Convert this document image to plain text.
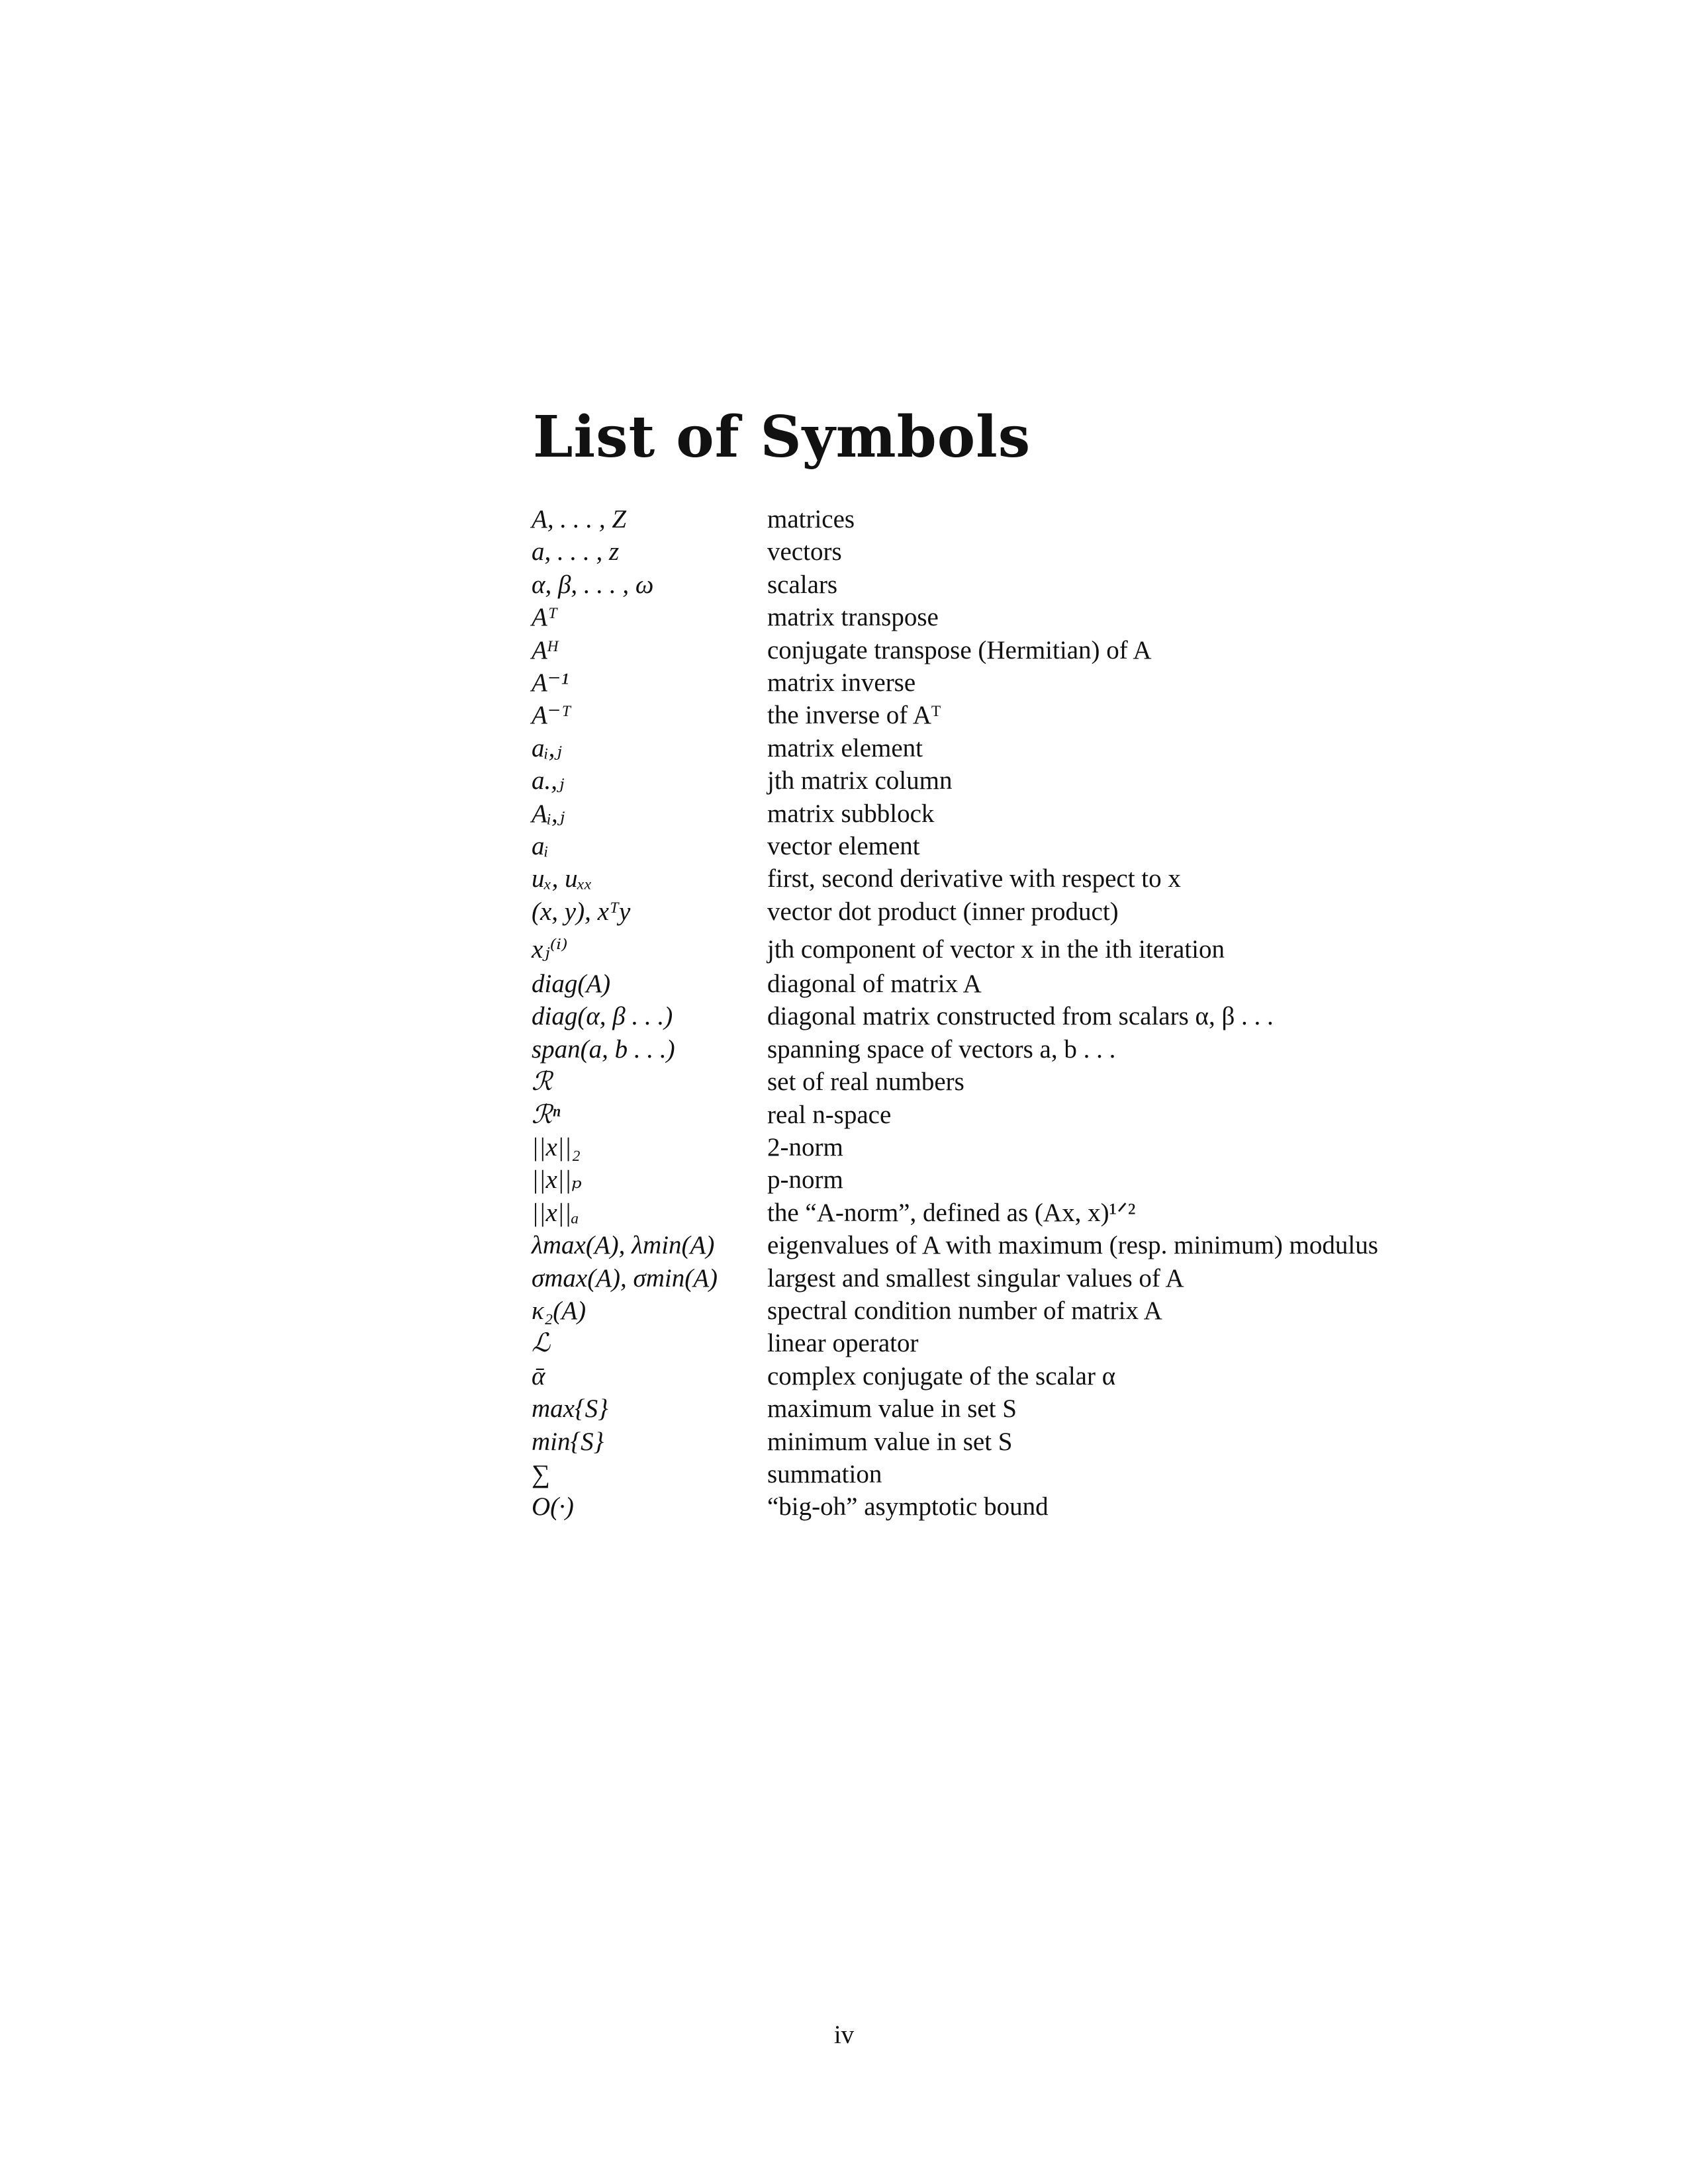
List of Symbols
A, . . . , Z	matrices
a, . . . , z	vectors
α, β, . . . , ω	scalars
Aᵀ	matrix transpose
Aᴴ	conjugate transpose (Hermitian) of A
A⁻¹	matrix inverse
A⁻ᵀ	the inverse of Aᵀ
aᵢ,ⱼ	matrix element
a.,ⱼ	jth matrix column
Aᵢ,ⱼ	matrix subblock
aᵢ	vector element
uₓ, uₓₓ	first, second derivative with respect to x
(x, y), xᵀy	vector dot product (inner product)
xⱼ⁽ⁱ⁾	jth component of vector x in the ith iteration
diag(A)	diagonal of matrix A
diag(α, β . . .)	diagonal matrix constructed from scalars α, β . . .
span(a, b . . .)	spanning space of vectors a, b . . .
ℛ	set of real numbers
ℛⁿ	real n-space
||x||₂	2-norm
||x||ₚ	p-norm
||x||ₐ	the “A-norm”, defined as (Ax, x)¹ᐟ²
λmax(A), λmin(A)	eigenvalues of A with maximum (resp. minimum) modulus
σmax(A), σmin(A)	largest and smallest singular values of A
κ₂(A)	spectral condition number of matrix A
ℒ	linear operator
ᾱ	complex conjugate of the scalar α
max{S}	maximum value in set S
min{S}	minimum value in set S
∑	summation
O(·)	“big-oh” asymptotic bound
iv
